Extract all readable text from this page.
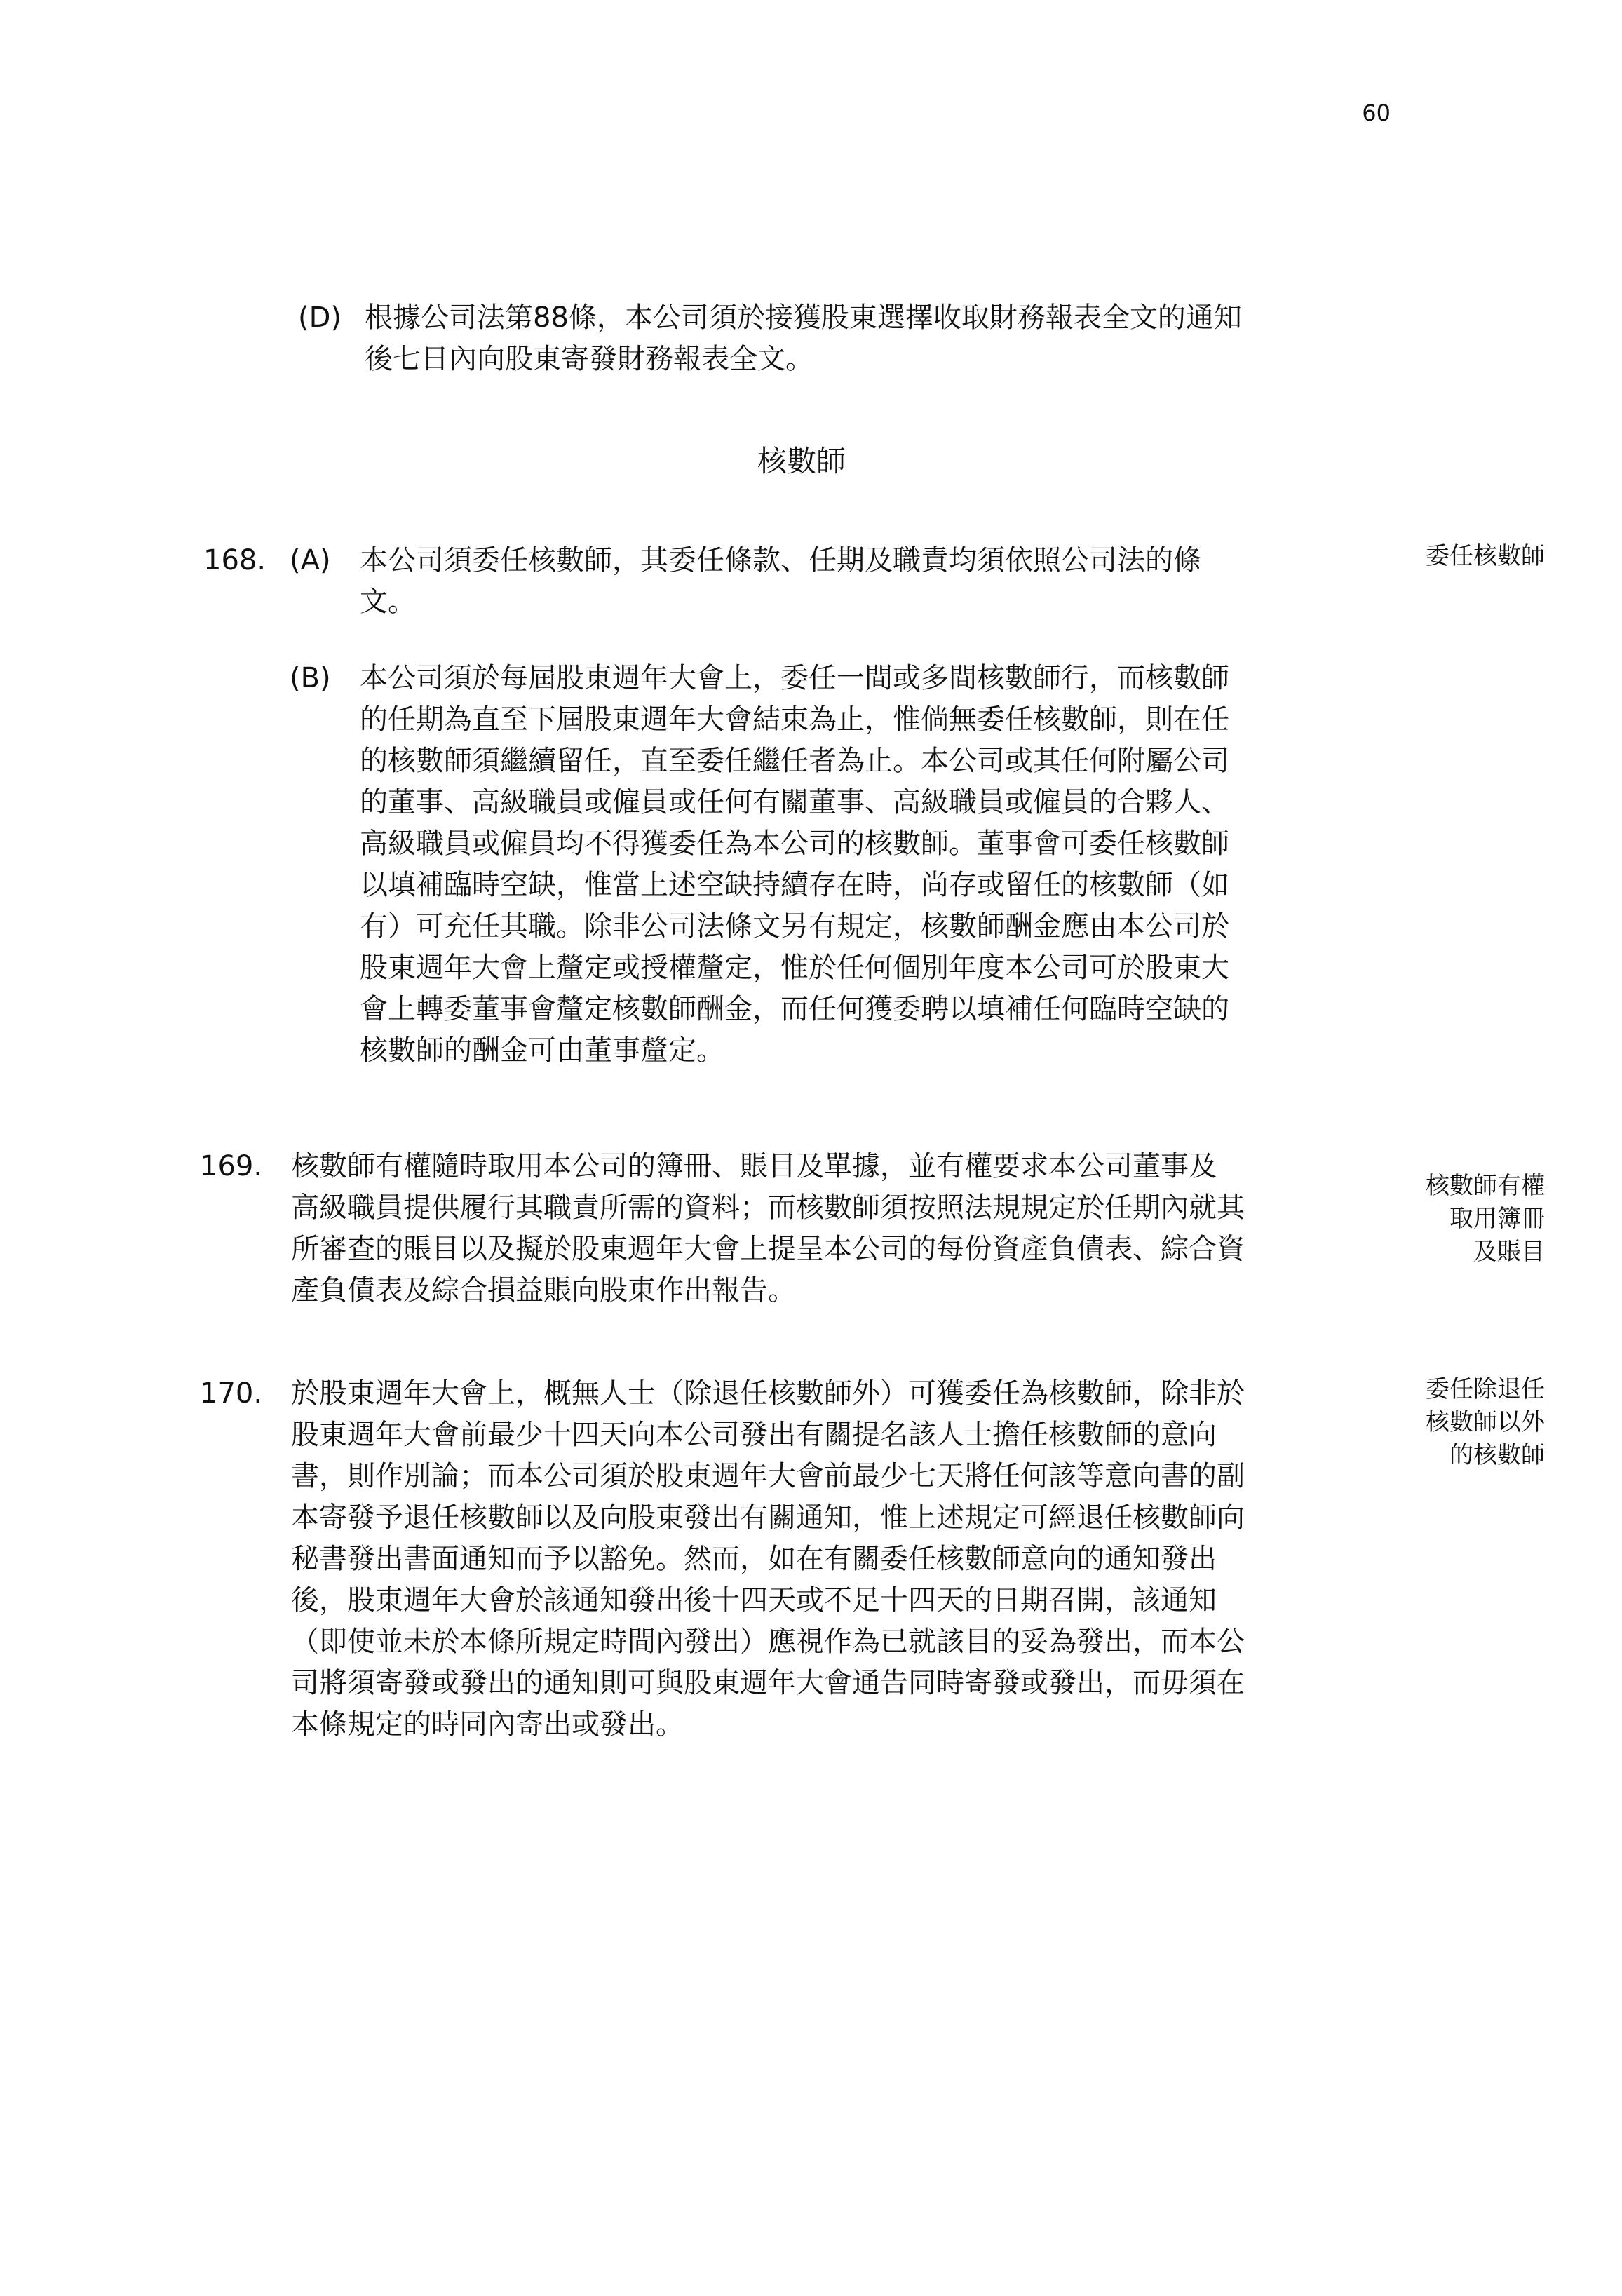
60
(D) 根據公司法第88條，本公司須於接獲股東選擇收取財務報表全文的通知
後七日內向股東寄發財務報表全文。
核數師
168. (A) 本公司須委任核數師，其委任條款、任期及職責均須依照公司法的條
文。
委任核數師
(B) 本公司須於每屆股東週年大會上，委任一間或多間核數師行，而核數師
的任期為直至下屆股東週年大會結束為止，惟倘無委任核數師，則在任
的核數師須繼續留任，直至委任繼任者為止。本公司或其任何附屬公司
的董事、高級職員或僱員或任何有關董事、高級職員或僱員的合夥人、
高級職員或僱員均不得獲委任為本公司的核數師。董事會可委任核數師
以填補臨時空缺，惟當上述空缺持續存在時，尚存或留任的核數師（如
有）可充任其職。除非公司法條文另有規定，核數師酬金應由本公司於
股東週年大會上釐定或授權釐定，惟於任何個別年度本公司可於股東大
會上轉委董事會釐定核數師酬金，而任何獲委聘以填補任何臨時空缺的
核數師的酬金可由董事釐定。
169. 核數師有權隨時取用本公司的簿冊、賬目及單據，並有權要求本公司董事及
高級職員提供履行其職責所需的資料；而核數師須按照法規規定於任期內就其
所審查的賬目以及擬於股東週年大會上提呈本公司的每份資產負債表、綜合資
產負債表及綜合損益賬向股東作出報告。
核數師有權
取用簿冊
及賬目
170. 於股東週年大會上，概無人士（除退任核數師外）可獲委任為核數師，除非於
股東週年大會前最少十四天向本公司發出有關提名該人士擔任核數師的意向
書，則作別論；而本公司須於股東週年大會前最少七天將任何該等意向書的副
本寄發予退任核數師以及向股東發出有關通知，惟上述規定可經退任核數師向
秘書發出書面通知而予以豁免。然而，如在有關委任核數師意向的通知發出
後，股東週年大會於該通知發出後十四天或不足十四天的日期召開，該通知
（即使並未於本條所規定時間內發出）應視作為已就該目的妥為發出，而本公
司將須寄發或發出的通知則可與股東週年大會通告同時寄發或發出，而毋須在
本條規定的時同內寄出或發出。
委任除退任
核數師以外
的核數師
